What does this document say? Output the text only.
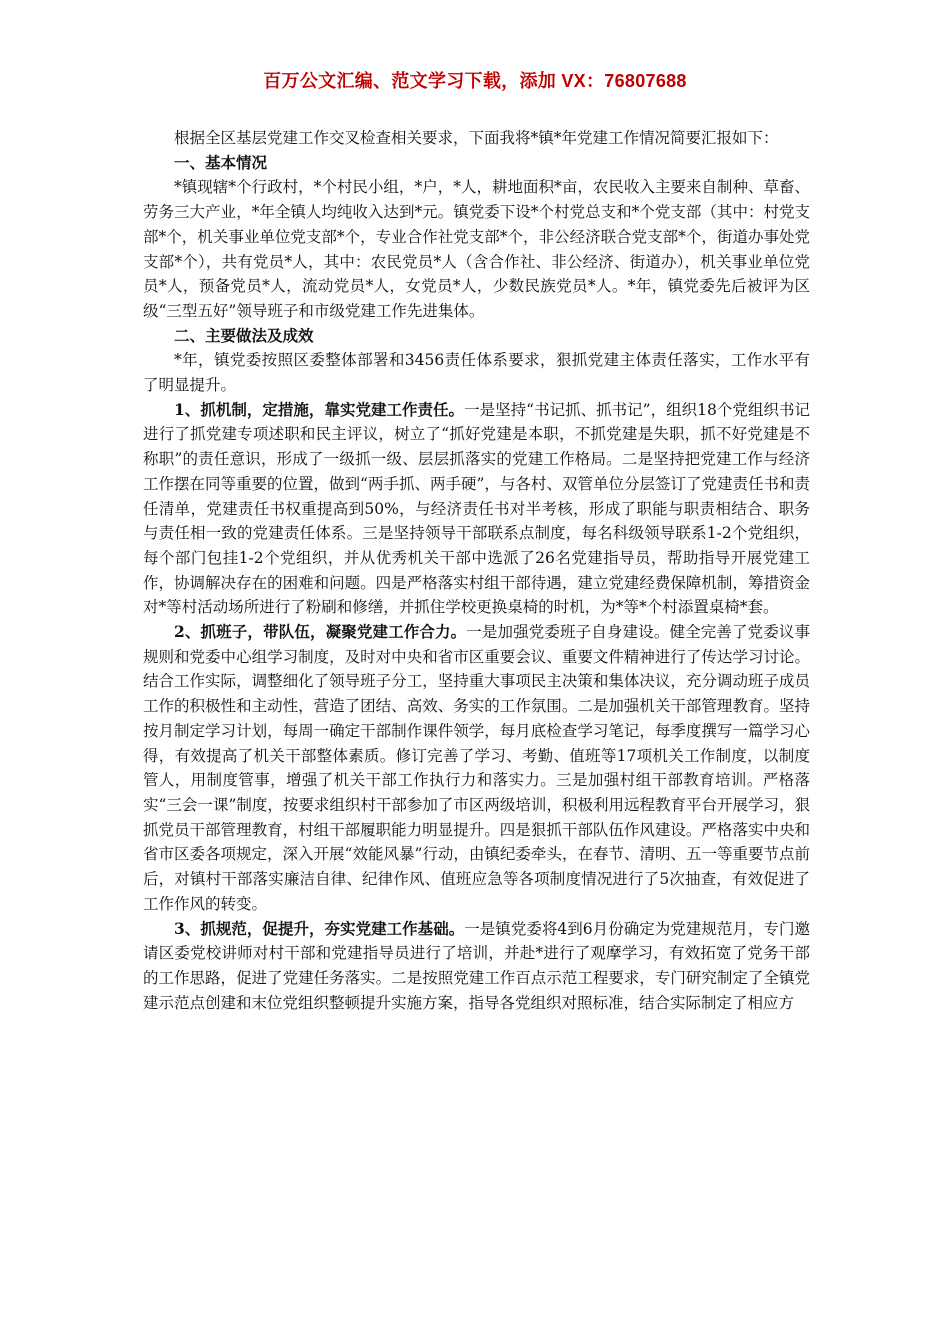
百万公文汇编、范文学习下载，添加 VX：76807688

根据全区基层党建工作交叉检查相关要求，下面我将*镇*年党建工作情况简要汇报如下：

一、基本情况

*镇现辖*个行政村，*个村民小组，*户，*人，耕地面积*亩，农民收入主要来自制种、草畜、劳务三大产业，*年全镇人均纯收入达到*元。镇党委下设*个村党总支和*个党支部（其中：村党支部*个，机关事业单位党支部*个，专业合作社党支部*个，非公经济联合党支部*个，街道办事处党支部*个），共有党员*人，其中：农民党员*人（含合作社、非公经济、街道办），机关事业单位党员*人，预备党员*人，流动党员*人，女党员*人，少数民族党员*人。*年，镇党委先后被评为区级“三型五好”领导班子和市级党建工作先进集体。

二、主要做法及成效

*年，镇党委按照区委整体部署和3456责任体系要求，狠抓党建主体责任落实，工作水平有了明显提升。

1、抓机制，定措施，靠实党建工作责任。一是坚持“书记抓、抓书记”，组织18个党组织书记进行了抓党建专项述职和民主评议，树立了“抓好党建是本职，不抓党建是失职，抓不好党建是不称职”的责任意识，形成了一级抓一级、层层抓落实的党建工作格局。二是坚持把党建工作与经济工作摆在同等重要的位置，做到“两手抓、两手硬”，与各村、双管单位分层签订了党建责任书和责任清单，党建责任书权重提高到50%，与经济责任书对半考核，形成了职能与职责相结合、职务与责任相一致的党建责任体系。三是坚持领导干部联系点制度，每名科级领导联系1-2个党组织，每个部门包挂1-2个党组织，并从优秀机关干部中选派了26名党建指导员，帮助指导开展党建工作，协调解决存在的困难和问题。四是严格落实村组干部待遇，建立党建经费保障机制，筹措资金对*等村活动场所进行了粉刷和修缮，并抓住学校更换桌椅的时机，为*等*个村添置桌椅*套。

2、抓班子，带队伍，凝聚党建工作合力。一是加强党委班子自身建设。健全完善了党委议事规则和党委中心组学习制度，及时对中央和省市区重要会议、重要文件精神进行了传达学习讨论。结合工作实际，调整细化了领导班子分工，坚持重大事项民主决策和集体决议，充分调动班子成员工作的积极性和主动性，营造了团结、高效、务实的工作氛围。二是加强机关干部管理教育。坚持按月制定学习计划，每周一确定干部制作课件领学，每月底检查学习笔记，每季度撰写一篇学习心得，有效提高了机关干部整体素质。修订完善了学习、考勤、值班等17项机关工作制度，以制度管人，用制度管事，增强了机关干部工作执行力和落实力。三是加强村组干部教育培训。严格落实“三会一课”制度，按要求组织村干部参加了市区两级培训，积极利用远程教育平台开展学习，狠抓党员干部管理教育，村组干部履职能力明显提升。四是狠抓干部队伍作风建设。严格落实中央和省市区委各项规定，深入开展“效能风暴”行动，由镇纪委牵头，在春节、清明、五一等重要节点前后，对镇村干部落实廉洁自律、纪律作风、值班应急等各项制度情况进行了5次抽查，有效促进了工作作风的转变。

3、抓规范，促提升，夯实党建工作基础。一是镇党委将4到6月份确定为党建规范月，专门邀请区委党校讲师对村干部和党建指导员进行了培训，并赴*进行了观摩学习，有效拓宽了党务干部的工作思路，促进了党建任务落实。二是按照党建工作百点示范工程要求，专门研究制定了全镇党建示范点创建和末位党组织整顿提升实施方案，指导各党组织对照标准，结合实际制定了相应方
